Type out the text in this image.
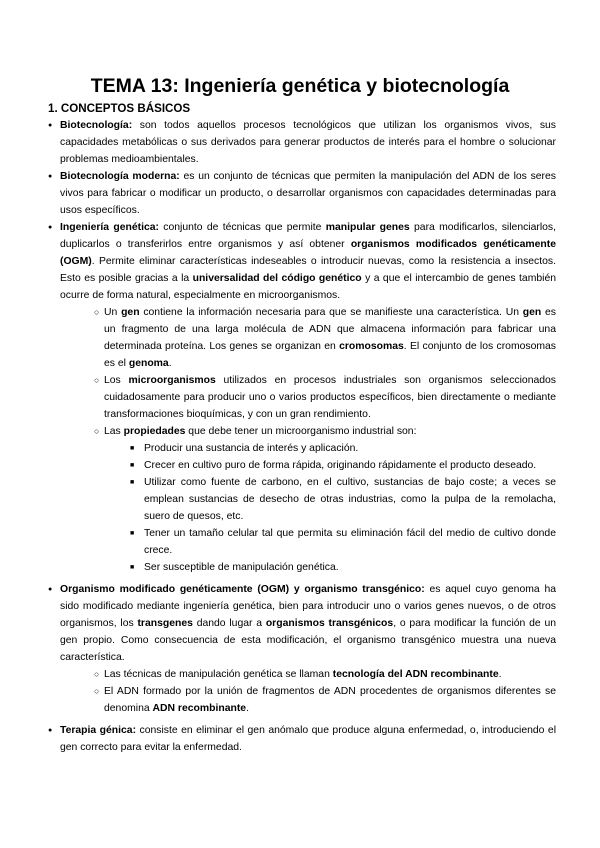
TEMA 13: Ingeniería genética y biotecnología
1. CONCEPTOS BÁSICOS
● Biotecnología: son todos aquellos procesos tecnológicos que utilizan los organismos vivos, sus capacidades metabólicas o sus derivados para generar productos de interés para el hombre o solucionar problemas medioambientales.
● Biotecnología moderna: es un conjunto de técnicas que permiten la manipulación del ADN de los seres vivos para fabricar o modificar un producto, o desarrollar organismos con capacidades determinadas para usos específicos.
● Ingeniería genética: conjunto de técnicas que permite manipular genes para modificarlos, silenciarlos, duplicarlos o transferirlos entre organismos y así obtener organismos modificados genéticamente (OGM). Permite eliminar características indeseables o introducir nuevas, como la resistencia a insectos. Esto es posible gracias a la universalidad del código genético y a que el intercambio de genes también ocurre de forma natural, especialmente en microorganismos.
○ Un gen contiene la información necesaria para que se manifieste una característica. Un gen es un fragmento de una larga molécula de ADN que almacena información para fabricar una determinada proteína. Los genes se organizan en cromosomas. El conjunto de los cromosomas es el genoma.
○ Los microorganismos utilizados en procesos industriales son organismos seleccionados cuidadosamente para producir uno o varios productos específicos, bien directamente o mediante transformaciones bioquímicas, y con un gran rendimiento.
○ Las propiedades que debe tener un microorganismo industrial son:
■ Producir una sustancia de interés y aplicación.
■ Crecer en cultivo puro de forma rápida, originando rápidamente el producto deseado.
■ Utilizar como fuente de carbono, en el cultivo, sustancias de bajo coste; a veces se emplean sustancias de desecho de otras industrias, como la pulpa de la remolacha, suero de quesos, etc.
■ Tener un tamaño celular tal que permita su eliminación fácil del medio de cultivo donde crece.
■ Ser susceptible de manipulación genética.
● Organismo modificado genéticamente (OGM) y organismo transgénico: es aquel cuyo genoma ha sido modificado mediante ingeniería genética, bien para introducir uno o varios genes nuevos, o de otros organismos, los transgenes dando lugar a organismos transgénicos, o para modificar la función de un gen propio. Como consecuencia de esta modificación, el organismo transgénico muestra una nueva característica.
○ Las técnicas de manipulación genética se llaman tecnología del ADN recombinante.
○ El ADN formado por la unión de fragmentos de ADN procedentes de organismos diferentes se denomina ADN recombinante.
● Terapia génica: consiste en eliminar el gen anómalo que produce alguna enfermedad, o, introduciendo el gen correcto para evitar la enfermedad.
